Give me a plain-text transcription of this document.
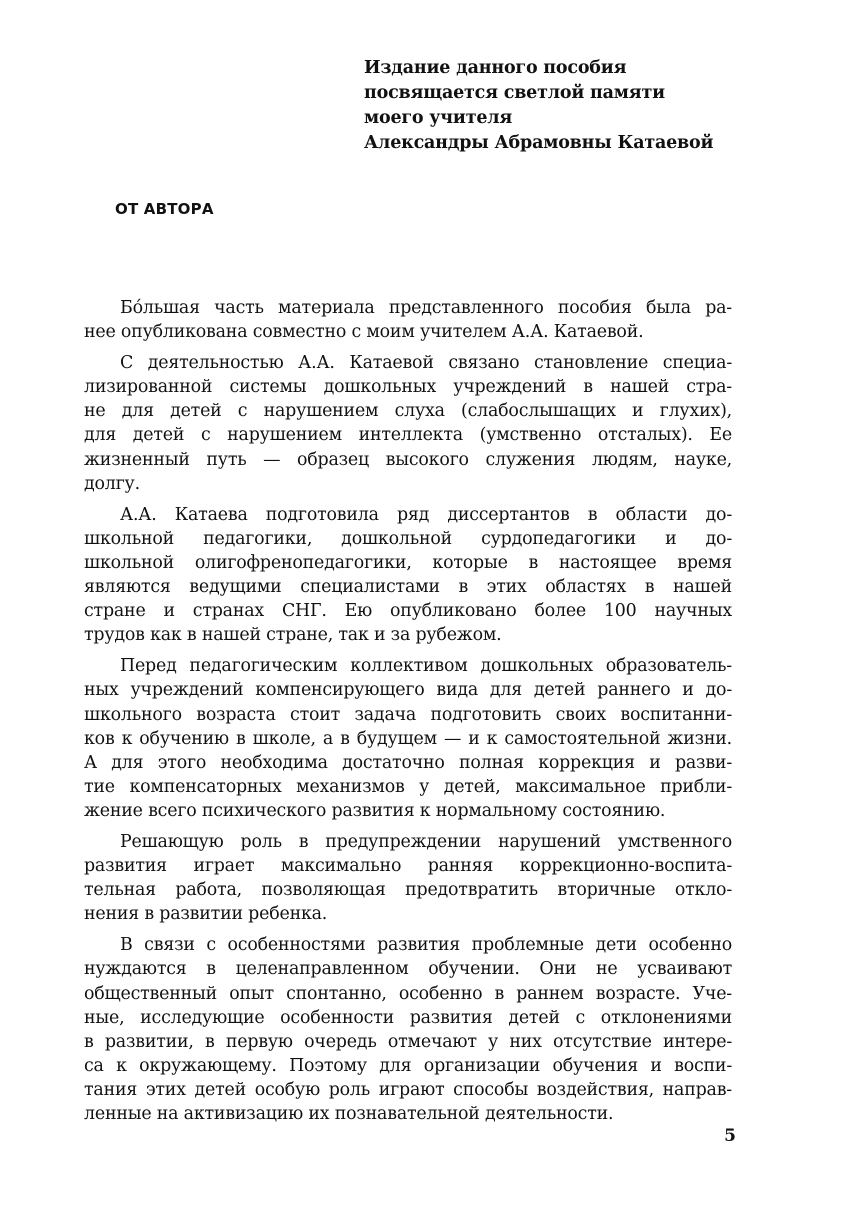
Издание данного пособия
посвящается светлой памяти
моего учителя
Александры Абрамовны Катаевой
ОТ АВТОРА
Бóльшая часть материала представленного пособия была ра-
нее опубликована совместно с моим учителем А.А. Катаевой.
С деятельностью А.А. Катаевой связано становление специа-
лизированной системы дошкольных учреждений в нашей стра-
не для детей с нарушением слуха (слабослышащих и глухих),
для детей с нарушением интеллекта (умственно отсталых). Ее
жизненный путь — образец высокого служения людям, науке,
долгу.
А.А. Катаева подготовила ряд диссертантов в области до-
школьной педагогики, дошкольной сурдопедагогики и до-
школьной олигофренопедагогики, которые в настоящее время
являются ведущими специалистами в этих областях в нашей
стране и странах СНГ. Ею опубликовано более 100 научных
трудов как в нашей стране, так и за рубежом.
Перед педагогическим коллективом дошкольных образователь-
ных учреждений компенсирующего вида для детей раннего и до-
школьного возраста стоит задача подготовить своих воспитанни-
ков к обучению в школе, а в будущем — и к самостоятельной жизни.
А для этого необходима достаточно полная коррекция и разви-
тие компенсаторных механизмов у детей, максимальное прибли-
жение всего психического развития к нормальному состоянию.
Решающую роль в предупреждении нарушений умственного
развития играет максимально ранняя коррекционно-воспита-
тельная работа, позволяющая предотвратить вторичные откло-
нения в развитии ребенка.
В связи с особенностями развития проблемные дети особенно
нуждаются в целенаправленном обучении. Они не усваивают
общественный опыт спонтанно, особенно в раннем возрасте. Уче-
ные, исследующие особенности развития детей с отклонениями
в развитии, в первую очередь отмечают у них отсутствие интере-
са к окружающему. Поэтому для организации обучения и воспи-
тания этих детей особую роль играют способы воздействия, направ-
ленные на активизацию их познавательной деятельности.
5
